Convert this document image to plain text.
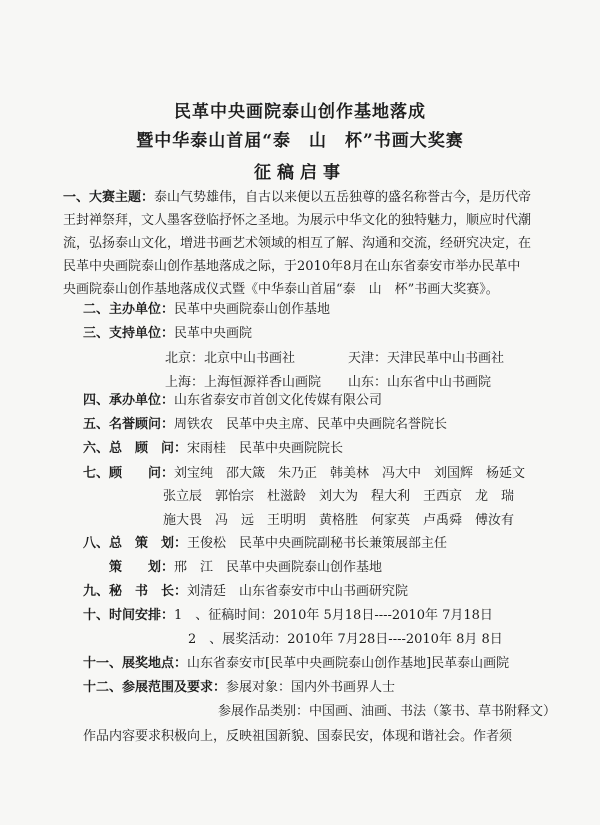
民革中央画院泰山创作基地落成
暨中华泰山首届“泰　山　杯”书画大奖赛
征稿启事
一、大赛主题：泰山气势雄伟，自古以来便以五岳独尊的盛名称誉古今，是历代帝王封禅祭拜，文人墨客登临抒怀之圣地。为展示中华文化的独特魅力，顺应时代潮流，弘扬泰山文化，增进书画艺术领域的相互了解、沟通和交流，经研究决定，在民革中央画院泰山创作基地落成之际，于2010年8月在山东省泰安市举办民革中央画院泰山创作基地落成仪式暨《中华泰山首届“泰　山　杯”书画大奖赛》。
二、主办单位：民革中央画院泰山创作基地
三、支持单位：民革中央画院
北京：北京中山书画社	天津：天津民革中山书画社
上海：上海恒源祥香山画院 山东：山东省中山书画院
四、承办单位：山东省泰安市首创文化传媒有限公司
五、名誉顾问：周铁农　民革中央主席、民革中央画院名誉院长
六、总　顾　问：宋雨桂　民革中央画院院长
七、顾　　问：刘宝纯　邵大箴　朱乃正　韩美林　冯大中　刘国辉　杨延文
张立辰　郭怡宗　杜滋龄　刘大为　程大利　王西京　龙　瑞
施大畏　冯　远　王明明　黄格胜　何家英　卢禹舜　傅汝有
八、总　策　划：王俊松　民革中央画院副秘书长兼策展部主任
策　　划：邢　江　民革中央画院泰山创作基地
九、秘　书　长：刘清廷　山东省泰安市中山书画研究院
十、时间安排：1　、征稿时间：2010年 5月18日----2010年 7月18日
2　、展奖活动：2010年 7月28日----2010年 8月 8日
十一、展奖地点：山东省泰安市[民革中央画院泰山创作基地]民革泰山画院
十二、参展范围及要求：参展对象：国内外书画界人士
参展作品类别：中国画、油画、书法（篆书、草书附释文）
作品内容要求积极向上，反映祖国新貌、国泰民安，体现和谐社会。作者须
